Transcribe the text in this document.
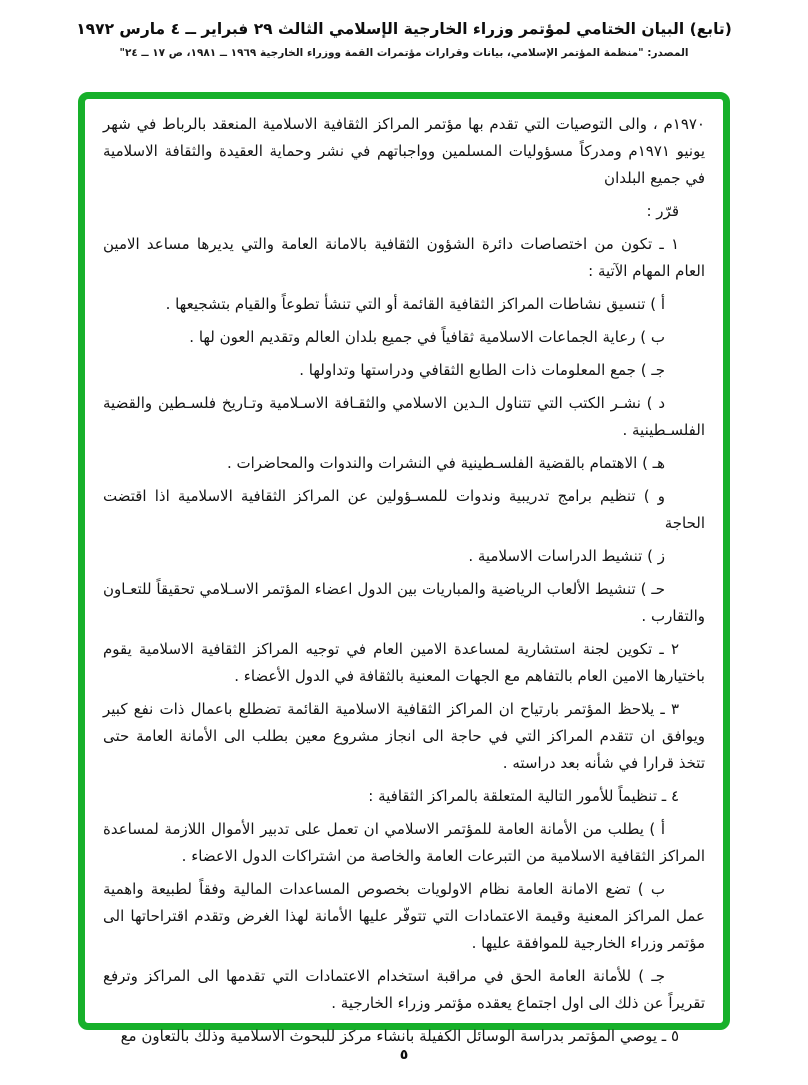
(تابع) البيان الختامي لمؤتمر وزراء الخارجية الإسلامي الثالث ٢٩ فبراير ــ ٤ مارس ١٩٧٢

المصدر: "منظمة المؤتمر الإسلامي، بيانات وقرارات مؤتمرات القمة ووزراء الخارجية ١٩٦٩ ــ ١٩٨١، ص ١٧ ــ ٢٤"

١٩٧٠م ، والى التوصيات التي تقدم بها مؤتمر المراكز الثقافية الاسلامية المنعقد بالرباط في شهر يونيو ١٩٧١م ومدركاً مسؤوليات المسلمين وواجباتهم في نشر وحماية العقيدة والثقافة الاسلامية في جميع البلدان

قرّر :

١ ـ تكون من اختصاصات دائرة الشؤون الثقافية بالامانة العامة والتي يديرها مساعد الامين العام المهام الآتية :

أ ) تنسيق نشاطات المراكز الثقافية القائمة أو التي تنشأ تطوعاً والقيام بتشجيعها .

ب ) رعاية الجماعات الاسلامية ثقافياً في جميع بلدان العالم وتقديم العون لها .

جـ ) جمع المعلومات ذات الطابع الثقافي ودراستها وتداولها .

د ) نشـر الكتب التي تتناول الـدين الاسلامي والثقـافة الاسـلامية وتـاريخ فلسـطين والقضية الفلسـطينية .

هـ ) الاهتمام بالقضية الفلسـطينية في النشرات والندوات والمحاضرات .

و ) تنظيم برامج تدريبية وندوات للمسـؤولين عن المراكز الثقافية الاسلامية اذا اقتضت الحاجة

ز ) تنشيط الدراسات الاسلامية .

حـ ) تنشيط الألعاب الرياضية والمباريات بين الدول اعضاء المؤتمر الاسـلامي تحقيقاً للتعـاون والتقارب .

٢ ـ تكوين لجنة استشارية لمساعدة الامين العام في توجيه المراكز الثقافية الاسلامية يقوم باختيارها الامين العام بالتفاهم مع الجهات المعنية بالثقافة في الدول الأعضاء .

٣ ـ يلاحظ المؤتمر بارتياح ان المراكز الثقافية الاسلامية القائمة تضطلع باعمال ذات نفع كبير ويوافق ان تتقدم المراكز التي في حاجة الى انجاز مشروع معين بطلب الى الأمانة العامة حتى تتخذ قرارا في شأنه بعد دراسته .

٤ ـ تنظيماً للأمور التالية المتعلقة بالمراكز الثقافية :

أ ) يطلب من الأمانة العامة للمؤتمر الاسلامي ان تعمل على تدبير الأموال اللازمة لمساعدة المراكز الثقافية الاسلامية من التبرعات العامة والخاصة من اشتراكات الدول الاعضاء .

ب ) تضع الامانة العامة نظام الاولويات بخصوص المساعدات المالية وفقاً لطبيعة واهمية عمل المراكز المعنية وقيمة الاعتمادات التي تتوفّر عليها الأمانة لهذا الغرض وتقدم اقتراحاتها الى مؤتمر وزراء الخارجية للموافقة عليها .

جـ ) للأمانة العامة الحق في مراقبة استخدام الاعتمادات التي تقدمها الى المراكز وترفع تقريراً عن ذلك الى اول اجتماع يعقده مؤتمر وزراء الخارجية .

٥ ـ يوصي المؤتمر بدراسة الوسائل الكفيلة بانشاء مركز للبحوث الاسلامية وذلك بالتعاون مع

٥
